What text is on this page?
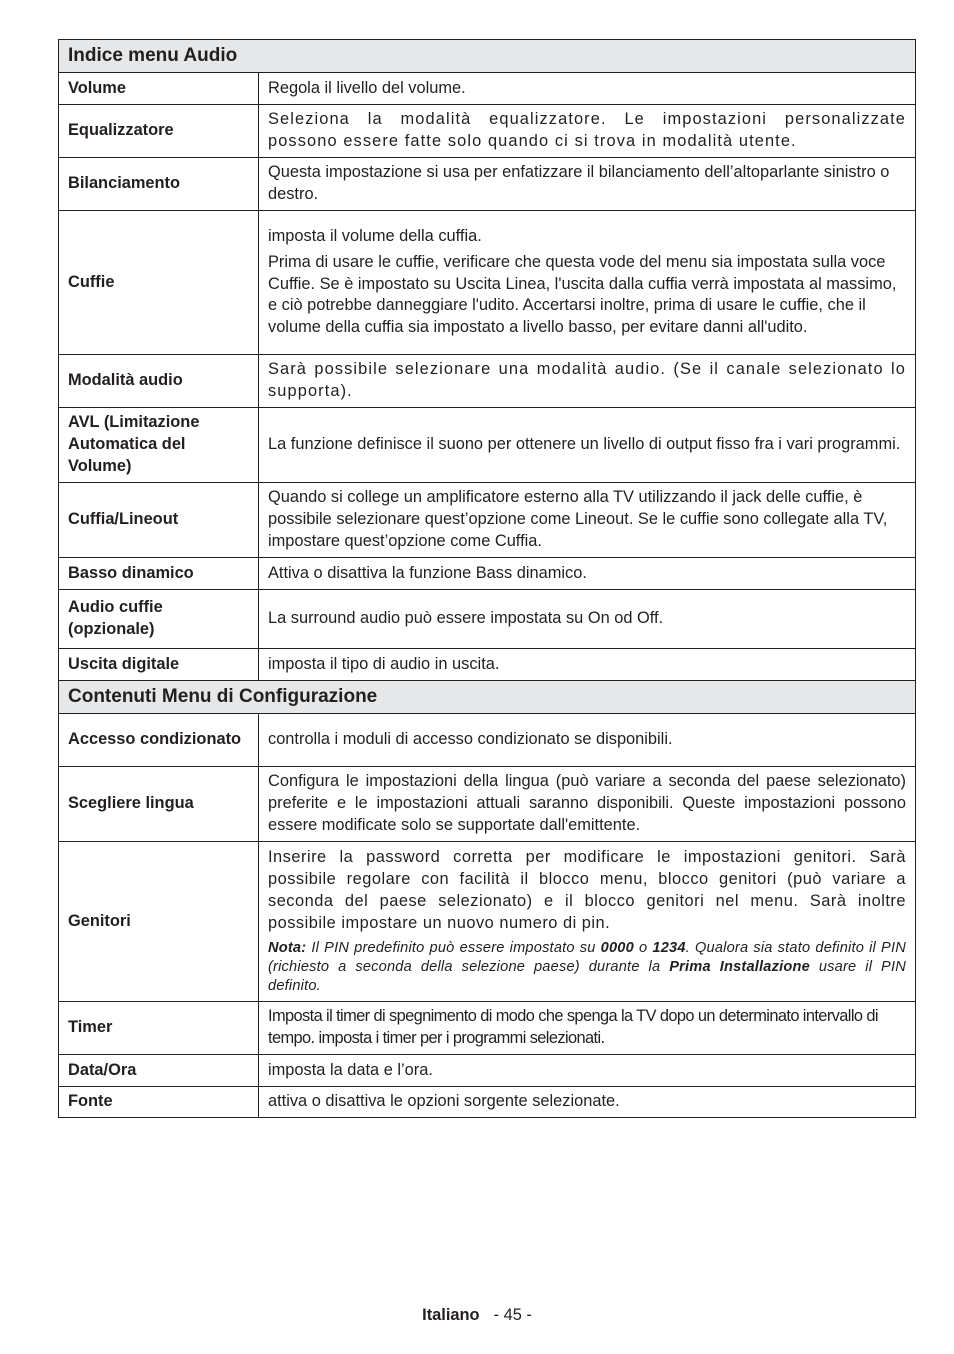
Indice menu Audio	
Volume	Regola il livello del volume.
Equalizzatore	Seleziona la modalità equalizzatore. Le impostazioni personalizzate possono essere fatte solo quando ci si trova in modalità utente.
Bilanciamento	Questa impostazione si usa per enfatizzare il bilanciamento dell’altoparlante sinistro o destro.
Cuffie	imposta il volume della cuffia.

Prima di usare le cuffie, verificare che questa vode del menu sia impostata sulla voce Cuffie. Se è impostato su Uscita Linea, l'uscita dalla cuffia verrà impostata al massimo, e ciò potrebbe danneggiare l'udito. Accertarsi inoltre, prima di usare le cuffie, che il volume della cuffia sia impostato a livello basso, per evitare danni all'udito.

Modalità audio	Sarà possibile selezionare una modalità audio. (Se il canale selezionato lo supporta).
AVL (Limitazione Automatica del Volume)	La funzione definisce il suono per ottenere un livello di output fisso fra i vari programmi.
Cuffia/Lineout	Quando si college un amplificatore esterno alla TV utilizzando il jack delle cuffie, è possibile selezionare quest’opzione come Lineout. Se le cuffie sono collegate alla TV, impostare quest’opzione come Cuffia.
Basso dinamico	Attiva o disattiva la funzione Bass dinamico.
Audio cuffie (opzionale)	La surround audio può essere impostata su On od Off.
Uscita digitale	imposta il tipo di audio in uscita.
Contenuti Menu di Configurazione	
Accesso condizionato	controlla i moduli di accesso condizionato se disponibili.
Scegliere lingua	Configura le impostazioni della lingua (può variare a seconda del paese selezionato) preferite e le impostazioni attuali saranno disponibili. Queste impostazioni possono essere modificate solo se supportate dall'emittente.
Genitori	Inserire la password corretta per modificare le impostazioni genitori. Sarà possibile regolare con facilità il blocco menu, blocco genitori (può variare a seconda del paese selezionato) e il blocco genitori nel menu. Sarà inoltre possibile impostare un nuovo numero di pin.

Nota: Il PIN predefinito può essere impostato su 0000 o 1234. Qualora sia stato definito il PIN (richiesto a seconda della selezione paese) durante la Prima Installazione usare il PIN definito.

Timer	Imposta il timer di spegnimento di modo che spenga la TV dopo un determinato intervallo di tempo. imposta i timer per i programmi selezionati.
Data/Ora	imposta la data e l’ora.
Fonte	attiva o disattiva le opzioni sorgente selezionate.
Italiano - 45 -
